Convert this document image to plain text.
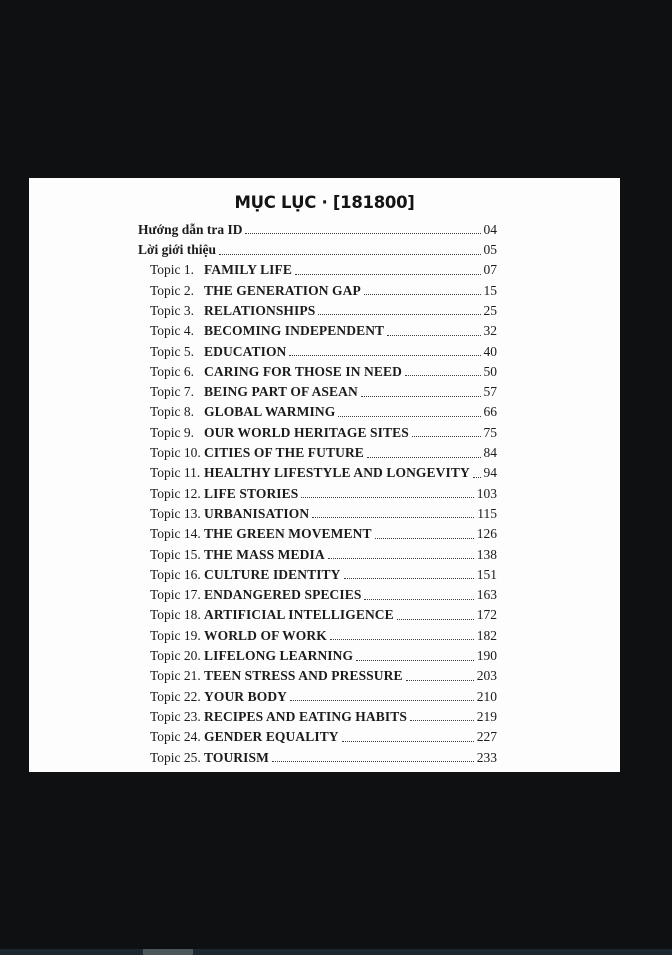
MỤC LỤC · [181800]
Hướng dẫn tra ID	04
Lời giới thiệu	05
Topic 1. FAMILY LIFE	07
Topic 2. THE GENERATION GAP	15
Topic 3. RELATIONSHIPS	25
Topic 4. BECOMING INDEPENDENT	32
Topic 5. EDUCATION	40
Topic 6. CARING FOR THOSE IN NEED	50
Topic 7. BEING PART OF ASEAN	57
Topic 8. GLOBAL WARMING	66
Topic 9. OUR WORLD HERITAGE SITES	75
Topic 10. CITIES OF THE FUTURE	84
Topic 11. HEALTHY LIFESTYLE AND LONGEVITY 94
Topic 12. LIFE STORIES	103
Topic 13. URBANISATION	115
Topic 14. THE GREEN MOVEMENT	126
Topic 15. THE MASS MEDIA	138
Topic 16. CULTURE IDENTITY	151
Topic 17. ENDANGERED SPECIES	163
Topic 18. ARTIFICIAL INTELLIGENCE	172
Topic 19. WORLD OF WORK	182
Topic 20. LIFELONG LEARNING	190
Topic 21. TEEN STRESS AND PRESSURE	203
Topic 22. YOUR BODY	210
Topic 23. RECIPES AND EATING HABITS	219
Topic 24. GENDER EQUALITY	227
Topic 25. TOURISM	233
